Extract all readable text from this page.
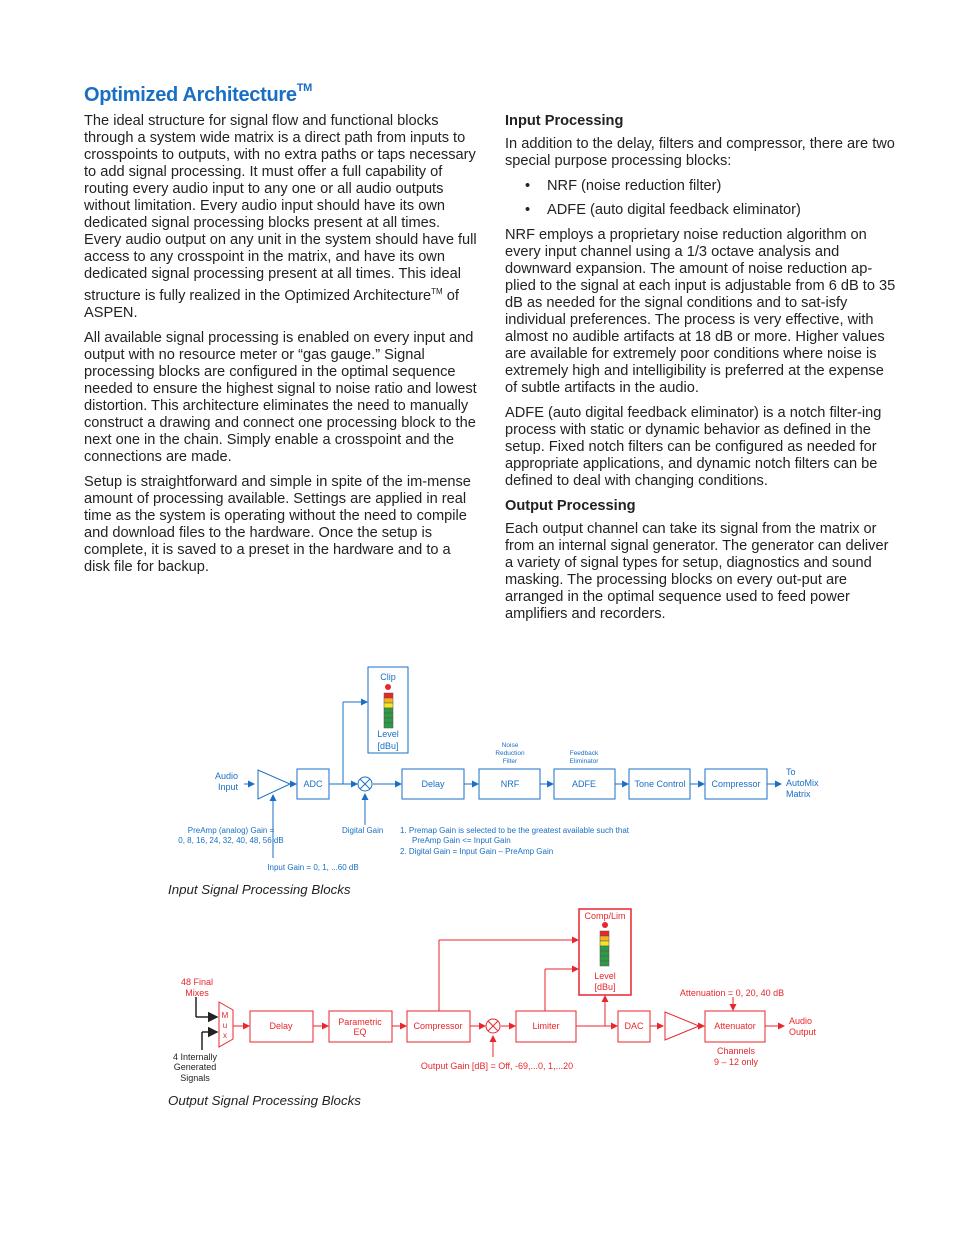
Optimized Architecture™

The ideal structure for signal flow and functional blocks through a system wide matrix is a direct path from inputs to crosspoints to outputs, with no extra paths or taps necessary to add signal processing. It must offer a full capability of routing every audio input to any one or all audio outputs without limitation. Every audio input should have its own dedicated signal processing blocks present at all times. Every audio output on any unit in the system should have full access to any crosspoint in the matrix, and have its own dedicated signal processing present at all times. This ideal structure is fully realized in the Optimized Architecture™ of ASPEN.

All available signal processing is enabled on every input and output with no resource meter or “gas gauge.” Signal processing blocks are configured in the optimal sequence needed to ensure the highest signal to noise ratio and lowest distortion. This architecture eliminates the need to manually construct a drawing and connect one processing block to the next one in the chain. Simply enable a crosspoint and the connections are made.

Setup is straightforward and simple in spite of the im-mense amount of processing available. Settings are applied in real time as the system is operating without the need to compile and download files to the hardware. Once the setup is complete, it is saved to a preset in the hardware and to a disk file for backup.

Input Processing

In addition to the delay, filters and compressor, there are two special purpose processing blocks:

• NRF (noise reduction filter)
• ADFE (auto digital feedback eliminator)

NRF employs a proprietary noise reduction algorithm on every input channel using a 1/3 octave analysis and downward expansion. The amount of noise reduction ap-plied to the signal at each input is adjustable from 6 dB to 35 dB as needed for the signal conditions and to sat-isfy individual preferences. The process is very effective, with almost no audible artifacts at 18 dB or more. Higher values are available for extremely poor conditions where noise is extremely high and intelligibility is preferred at the expense of subtle artifacts in the audio.

ADFE (auto digital feedback eliminator) is a notch filter-ing process with static or dynamic behavior as defined in the setup. Fixed notch filters can be configured as needed for appropriate applications, and dynamic notch filters can be defined to deal with changing conditions.

Output Processing

Each output channel can take its signal from the matrix or from an internal signal generator. The generator can deliver a variety of signal types for setup, diagnostics and sound masking. The processing blocks on every out-put are arranged in the optimal sequence used to feed power amplifiers and recorders.

Audio
Input	ADC	Delay	NRF	ADFE	Tone Control	Compressor
To
AutoMix
Matrix
Clip
Level
[dBu]	Noise
Reduction
Filter
Feedback
Eliminator
PreAmp (analog) Gain =
0, 8, 16, 24, 32, 40, 48, 56 dB
Digital Gain
Input Gain = 0, 1, ...60 dB
1. Premap Gain is selected to be the greatest available such that
PreAmp Gain <= Input Gain
2. Digital Gain = Input Gain – PreAmp Gain
Input Signal Processing Blocks
48 Final
Mixes
M
u
x
Delay	Parametric
EQ
Compressor	Limiter	DAC	Attenuator	Audio
Output
Comp/Lim
Level
[dBu]
Attenuation = 0, 20, 40 dB
Output Gain [dB] = Off, -69,...0, 1,...20
Channels
9 – 12 only
4 Internally
Generated
Signals
Output Signal Processing Blocks
